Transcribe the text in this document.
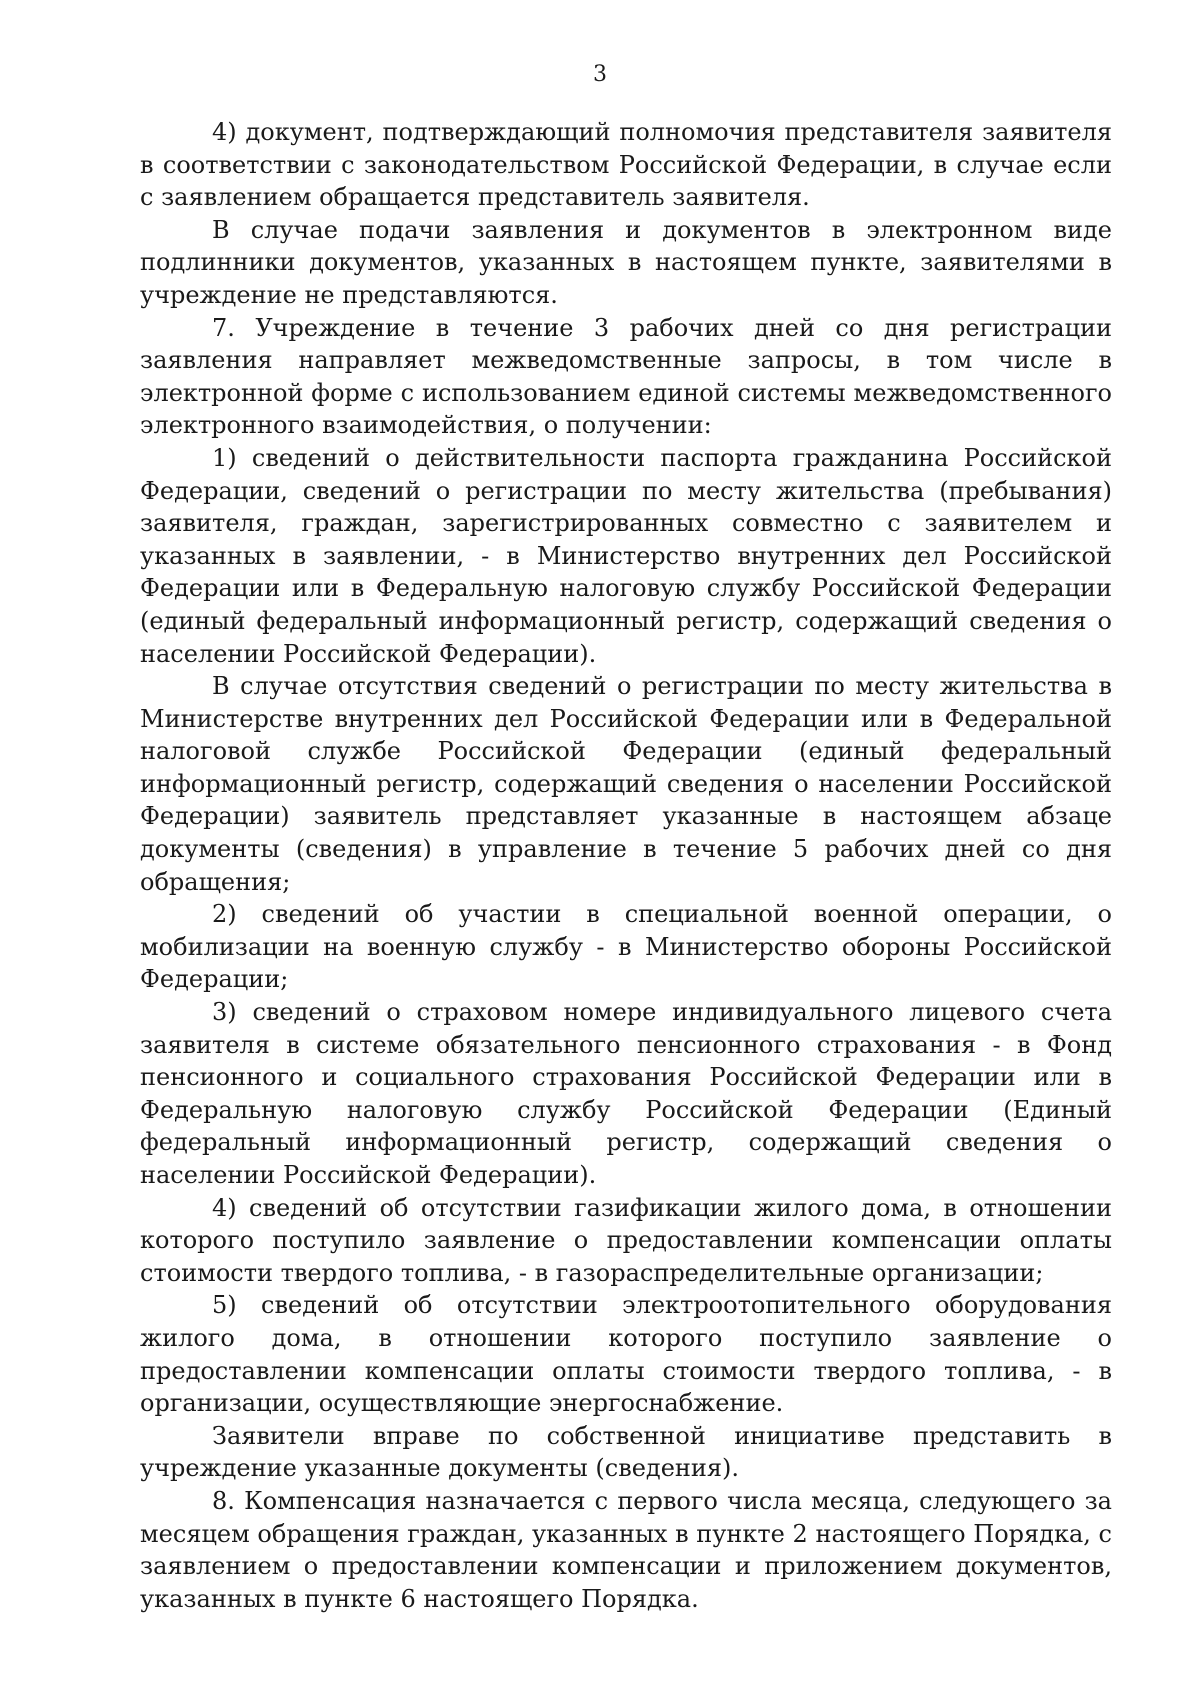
3

4) документ, подтверждающий полномочия представителя заявителя в соответствии с законодательством Российской Федерации, в случае если с заявлением обращается представитель заявителя.

В случае подачи заявления и документов в электронном виде подлинники документов, указанных в настоящем пункте, заявителями в учреждение не представляются.

7. Учреждение в течение 3 рабочих дней со дня регистрации заявления направляет межведомственные запросы, в том числе в электронной форме с использованием единой системы межведомственного электронного взаимодействия, о получении:

1) сведений о действительности паспорта гражданина Российской Федерации, сведений о регистрации по месту жительства (пребывания) заявителя, граждан, зарегистрированных совместно с заявителем и указанных в заявлении, - в Министерство внутренних дел Российской Федерации или в Федеральную налоговую службу Российской Федерации (единый федеральный информационный регистр, содержащий сведения о населении Российской Федерации).

В случае отсутствия сведений о регистрации по месту жительства в Министерстве внутренних дел Российской Федерации или в Федеральной налоговой службе Российской Федерации (единый федеральный информационный регистр, содержащий сведения о населении Российской Федерации) заявитель представляет указанные в настоящем абзаце документы (сведения) в управление в течение 5 рабочих дней со дня обращения;

2) сведений об участии в специальной военной операции, о мобилизации на военную службу - в Министерство обороны Российской Федерации;

3) сведений о страховом номере индивидуального лицевого счета заявителя в системе обязательного пенсионного страхования - в Фонд пенсионного и социального страхования Российской Федерации или в Федеральную налоговую службу Российской Федерации (Единый федеральный информационный регистр, содержащий сведения о населении Российской Федерации).

4) сведений об отсутствии газификации жилого дома, в отношении которого поступило заявление о предоставлении компенсации оплаты стоимости твердого топлива, - в газораспределительные организации;

5) сведений об отсутствии электроотопительного оборудования жилого дома, в отношении которого поступило заявление о предоставлении компенсации оплаты стоимости твердого топлива, - в организации, осуществляющие энергоснабжение.

Заявители вправе по собственной инициативе представить в учреждение указанные документы (сведения).

8. Компенсация назначается с первого числа месяца, следующего за месяцем обращения граждан, указанных в пункте 2 настоящего Порядка, с заявлением о предоставлении компенсации и приложением документов, указанных в пункте 6 настоящего Порядка.
